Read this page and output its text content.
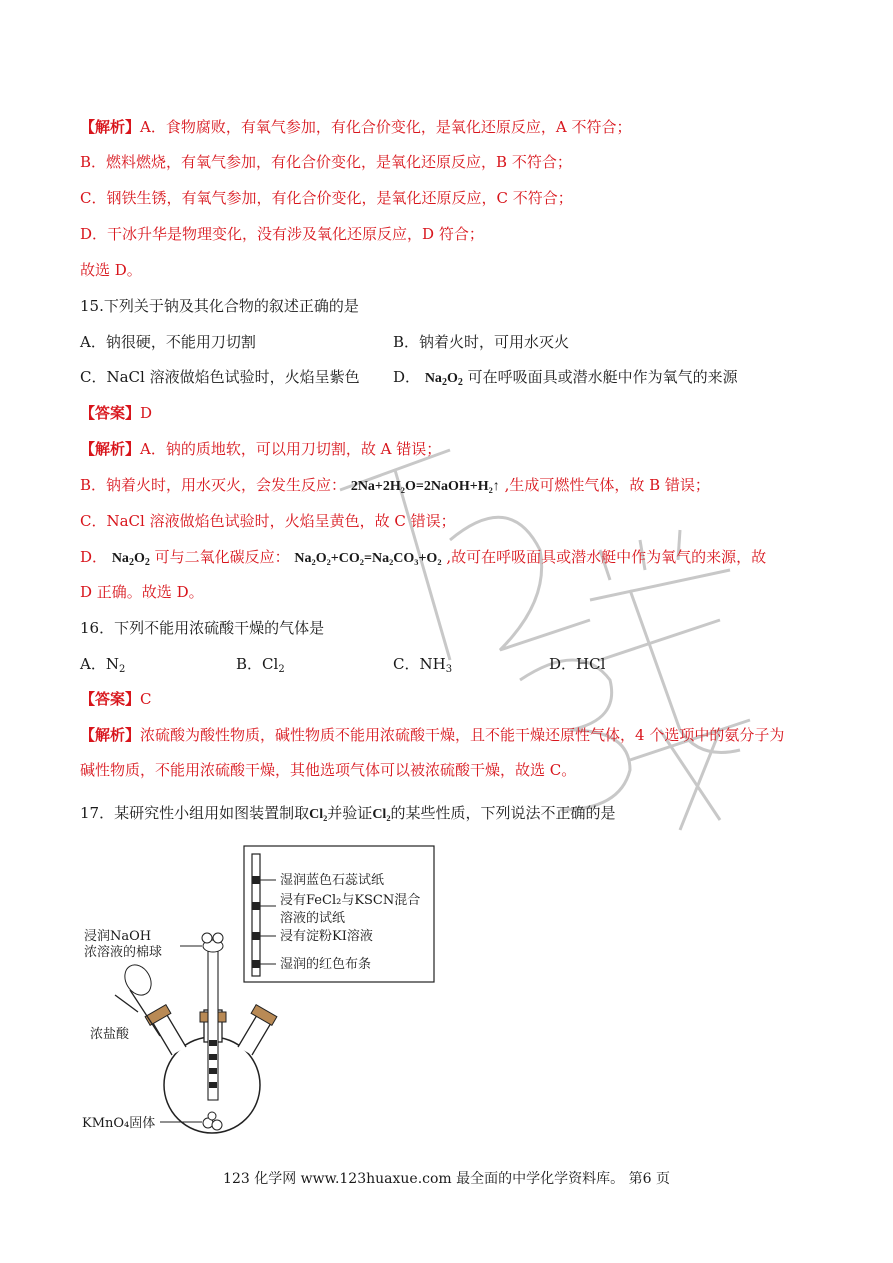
【解析】A．食物腐败，有氧气参加，有化合价变化，是氧化还原反应，A 不符合；
B．燃料燃烧，有氧气参加，有化合价变化，是氧化还原反应，B 不符合；
C．钢铁生锈，有氧气参加，有化合价变化，是氧化还原反应，C 不符合；
D．干冰升华是物理变化，没有涉及氧化还原反应，D 符合；
故选 D。
15.下列关于钠及其化合物的叙述正确的是
A．钠很硬，不能用刀切割	B．钠着火时，可用水灭火
C．NaCl 溶液做焰色试验时，火焰呈紫色 D． $Na_2O_2$ 可在呼吸面具或潜水艇中作为氧气的来源
【答案】D
【解析】A．钠的质地软，可以用刀切割，故 A 错误；
B．钠着火时，用水灭火，会发生反应： 2Na+2H₂O=2NaOH+H₂↑ ,生成可燃性气体，故 B 错误；
C．NaCl 溶液做焰色试验时，火焰呈黄色，故 C 错误；
D． $Na_2O_2$ 可与二氧化碳反应： Na₂O₂+CO₂=Na₂CO₃+O₂ ,故可在呼吸面具或潜水艇中作为氧气的来源，故
D 正确。故选 D。
16．下列不能用浓硫酸干燥的气体是
A．$N_2$	B．$Cl_2$	C．$NH_3$	D．HCl
【答案】C
【解析】浓硫酸为酸性物质，碱性物质不能用浓硫酸干燥，且不能干燥还原性气体，4 个选项中的氨分子为
碱性物质，不能用浓硫酸干燥，其他选项气体可以被浓硫酸干燥，故选 C。
17．某研究性小组用如图装置制取Cl₂并验证Cl₂的某些性质，下列说法不正确的是
湿润蓝色石蕊试纸
浸有FeCl₂与KSCN混合
溶液的试纸
浸有淀粉KI溶液
湿润的红色布条
浸润NaOH
浓溶液的棉球
浓盐酸
KMnO₄固体
123 化学网 www.123huaxue.com 最全面的中学化学资料库。 第6 页
